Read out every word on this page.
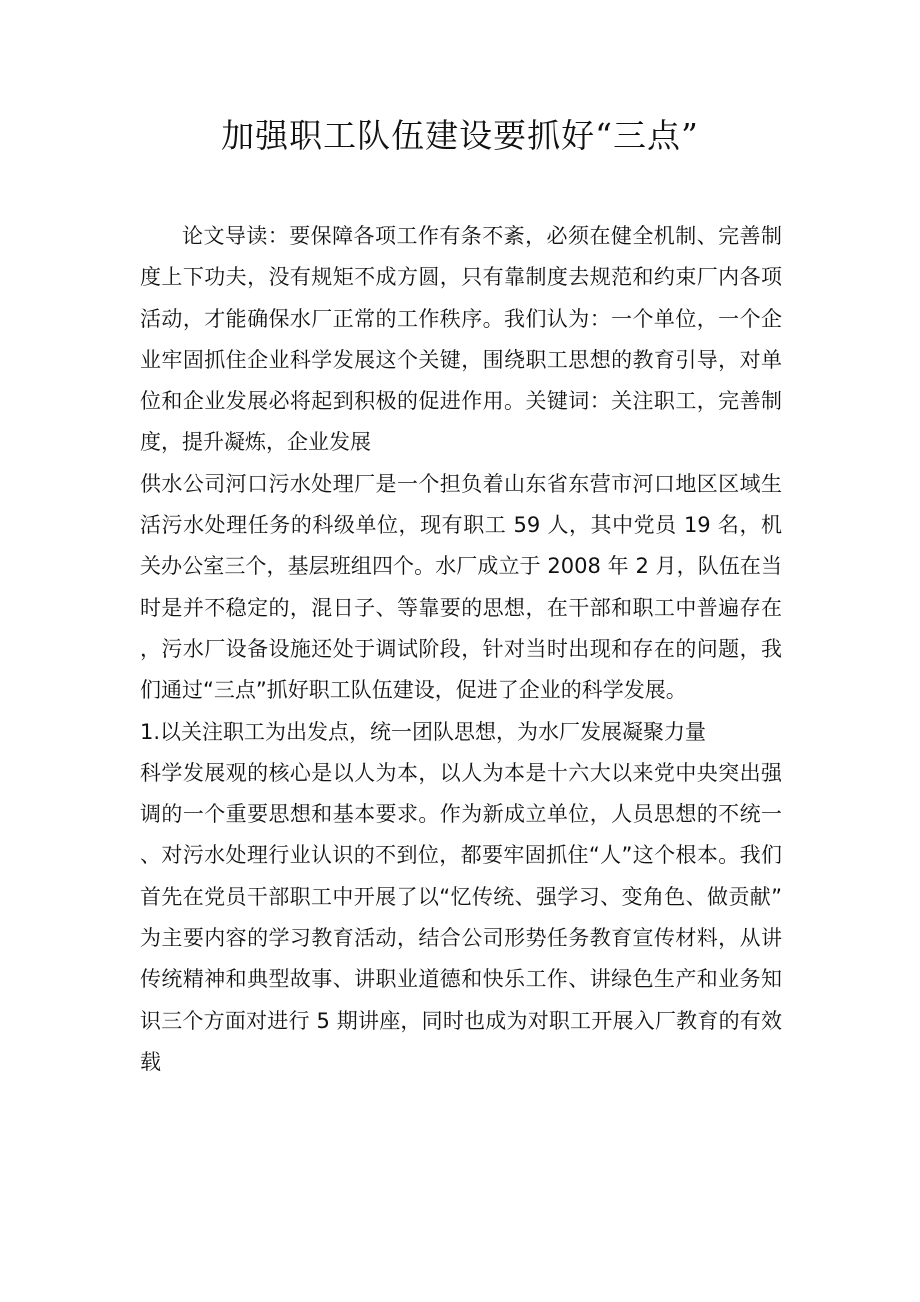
加强职工队伍建设要抓好“三点”

论文导读：要保障各项工作有条不紊，必须在健全机制、完善制度上下功夫，没有规矩不成方圆，只有靠制度去规范和约束厂内各项活动，才能确保水厂正常的工作秩序。我们认为：一个单位，一个企业牢固抓住企业科学发展这个关键，围绕职工思想的教育引导，对单位和企业发展必将起到积极的促进作用。关键词：关注职工，完善制度，提升凝炼，企业发展

供水公司河口污水处理厂是一个担负着山东省东营市河口地区区域生活污水处理任务的科级单位，现有职工 59 人，其中党员 19 名，机关办公室三个，基层班组四个。水厂成立于 2008 年 2 月，队伍在当时是并不稳定的，混日子、等靠要的思想，在干部和职工中普遍存在，污水厂设备设施还处于调试阶段，针对当时出现和存在的问题，我们通过“三点”抓好职工队伍建设，促进了企业的科学发展。

1.以关注职工为出发点，统一团队思想，为水厂发展凝聚力量

科学发展观的核心是以人为本，以人为本是十六大以来党中央突出强调的一个重要思想和基本要求。作为新成立单位，人员思想的不统一、对污水处理行业认识的不到位，都要牢固抓住“人”这个根本。我们首先在党员干部职工中开展了以“忆传统、强学习、变角色、做贡献”为主要内容的学习教育活动，结合公司形势任务教育宣传材料，从讲传统精神和典型故事、讲职业道德和快乐工作、讲绿色生产和业务知识三个方面对进行 5 期讲座，同时也成为对职工开展入厂教育的有效载
